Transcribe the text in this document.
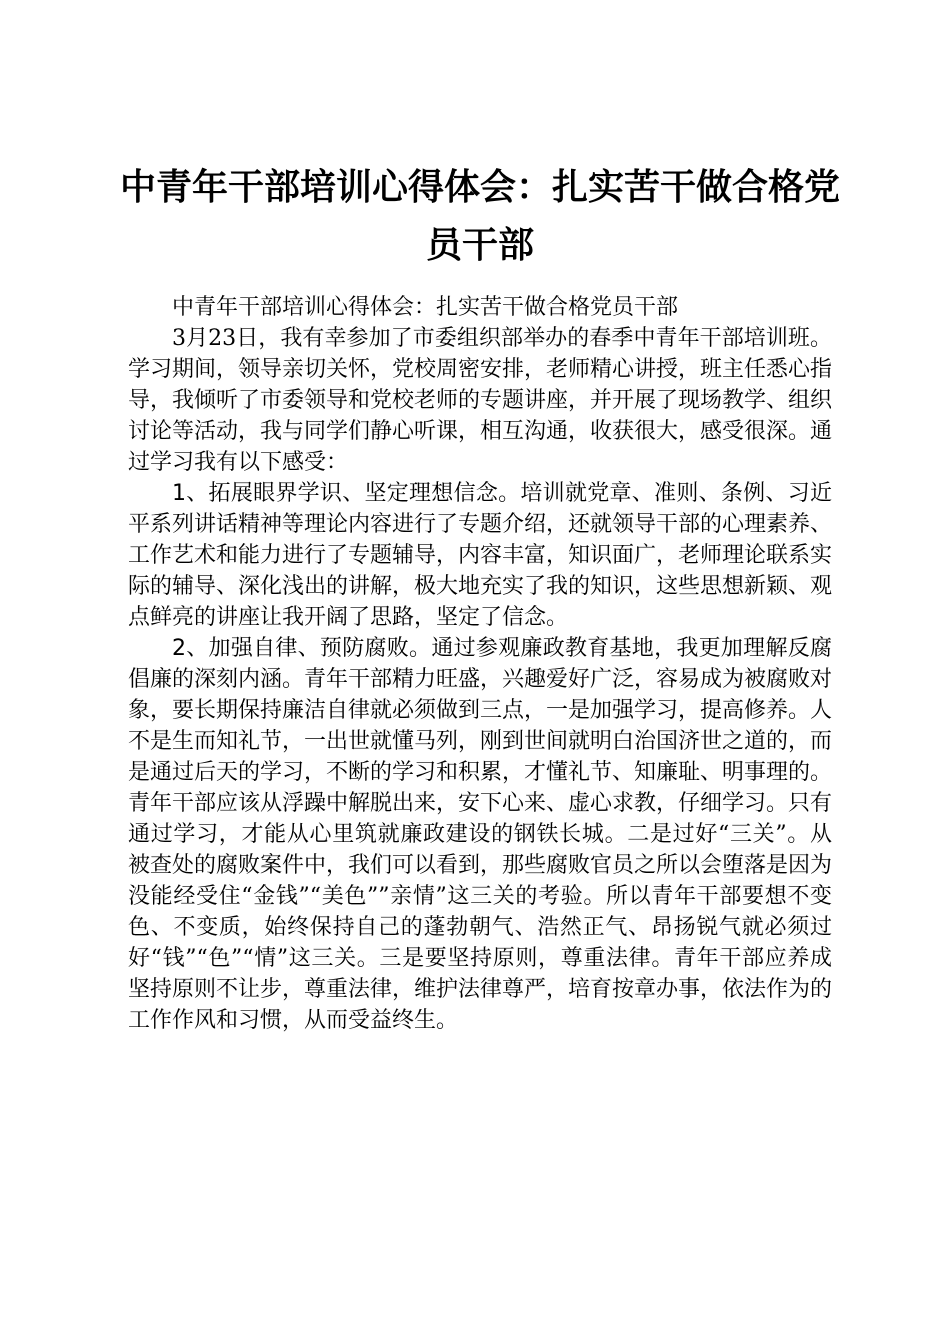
中青年干部培训心得体会：扎实苦干做合格党
员干部

中青年干部培训心得体会：扎实苦干做合格党员干部

3月23日，我有幸参加了市委组织部举办的春季中青年干部培训班。学习期间，领导亲切关怀，党校周密安排，老师精心讲授，班主任悉心指导，我倾听了市委领导和党校老师的专题讲座，并开展了现场教学、组织讨论等活动，我与同学们静心听课，相互沟通，收获很大，感受很深。通过学习我有以下感受：

1、拓展眼界学识、坚定理想信念。培训就党章、准则、条例、习近平系列讲话精神等理论内容进行了专题介绍，还就领导干部的心理素养、工作艺术和能力进行了专题辅导，内容丰富，知识面广，老师理论联系实际的辅导、深化浅出的讲解，极大地充实了我的知识，这些思想新颖、观点鲜亮的讲座让我开阔了思路，坚定了信念。

2、加强自律、预防腐败。通过参观廉政教育基地，我更加理解反腐倡廉的深刻内涵。青年干部精力旺盛，兴趣爱好广泛，容易成为被腐败对象，要长期保持廉洁自律就必须做到三点，一是加强学习，提高修养。人不是生而知礼节，一出世就懂马列，刚到世间就明白治国济世之道的，而是通过后天的学习，不断的学习和积累，才懂礼节、知廉耻、明事理的。青年干部应该从浮躁中解脱出来，安下心来、虚心求教，仔细学习。只有通过学习，才能从心里筑就廉政建设的钢铁长城。二是过好“三关”。从被查处的腐败案件中，我们可以看到，那些腐败官员之所以会堕落是因为没能经受住“金钱”“美色””亲情”这三关的考验。所以青年干部要想不变色、不变质，始终保持自己的蓬勃朝气、浩然正气、昂扬锐气就必须过好“钱”“色”“情”这三关。三是要坚持原则，尊重法律。青年干部应养成坚持原则不让步，尊重法律，维护法律尊严，培育按章办事，依法作为的工作作风和习惯，从而受益终生。
